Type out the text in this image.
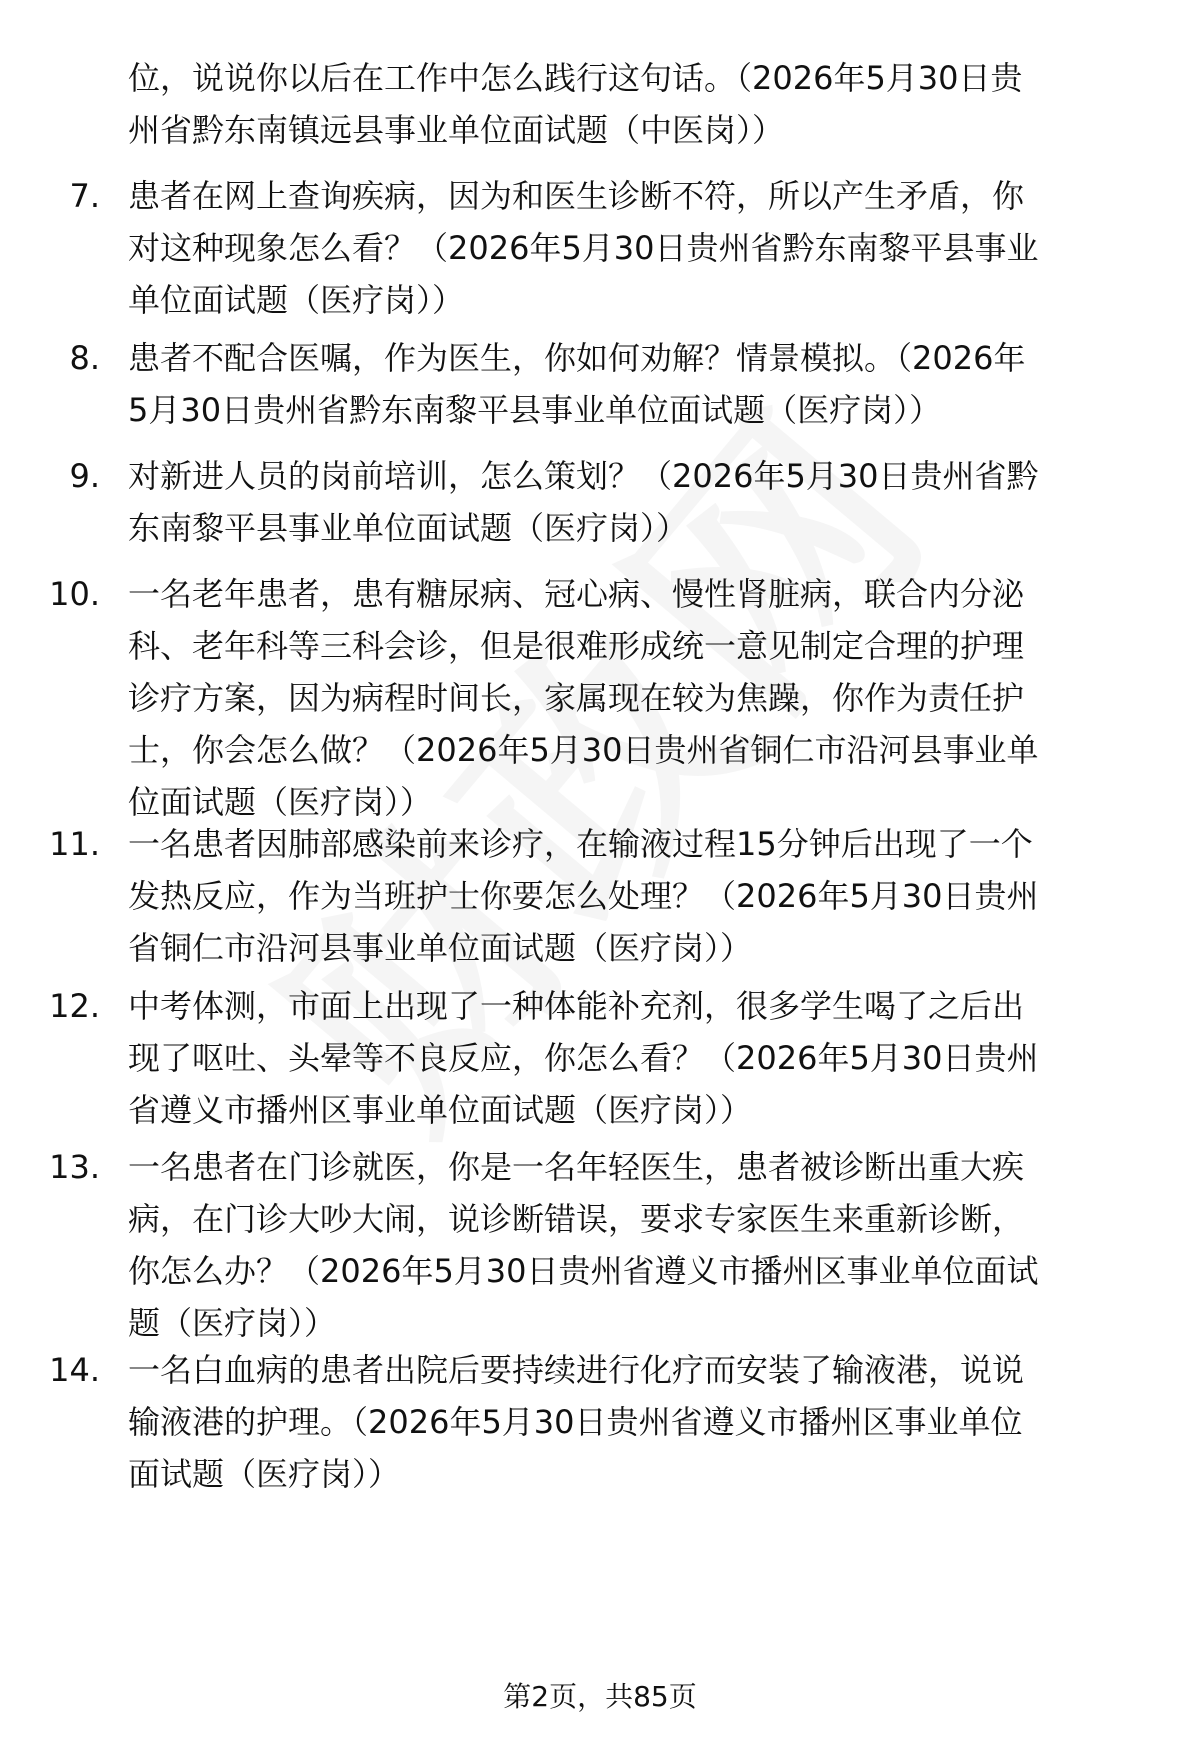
位，说说你以后在工作中怎么践行这句话。（2026年5月30日贵
州省黔东南镇远县事业单位面试题（中医岗））
7. 患者在网上查询疾病，因为和医生诊断不符，所以产生矛盾，你
对这种现象怎么看？（2026年5月30日贵州省黔东南黎平县事业
单位面试题（医疗岗））
8. 患者不配合医嘱，作为医生，你如何劝解？情景模拟。（2026年
5月30日贵州省黔东南黎平县事业单位面试题（医疗岗））
9. 对新进人员的岗前培训，怎么策划？（2026年5月30日贵州省黔
东南黎平县事业单位面试题（医疗岗））
10. 一名老年患者，患有糖尿病、冠心病、慢性肾脏病，联合内分泌
科、老年科等三科会诊，但是很难形成统一意见制定合理的护理
诊疗方案，因为病程时间长，家属现在较为焦躁，你作为责任护
士，你会怎么做？（2026年5月30日贵州省铜仁市沿河县事业单
位面试题（医疗岗））
11. 一名患者因肺部感染前来诊疗，在输液过程15分钟后出现了一个
发热反应，作为当班护士你要怎么处理？（2026年5月30日贵州
省铜仁市沿河县事业单位面试题（医疗岗））
12. 中考体测，市面上出现了一种体能补充剂，很多学生喝了之后出
现了呕吐、头晕等不良反应，你怎么看？（2026年5月30日贵州
省遵义市播州区事业单位面试题（医疗岗））
13. 一名患者在门诊就医，你是一名年轻医生，患者被诊断出重大疾
病，在门诊大吵大闹，说诊断错误，要求专家医生来重新诊断，
你怎么办？（2026年5月30日贵州省遵义市播州区事业单位面试
题（医疗岗））
14. 一名白血病的患者出院后要持续进行化疗而安装了输液港，说说
输液港的护理。（2026年5月30日贵州省遵义市播州区事业单位
面试题（医疗岗））
第2页，共85页
